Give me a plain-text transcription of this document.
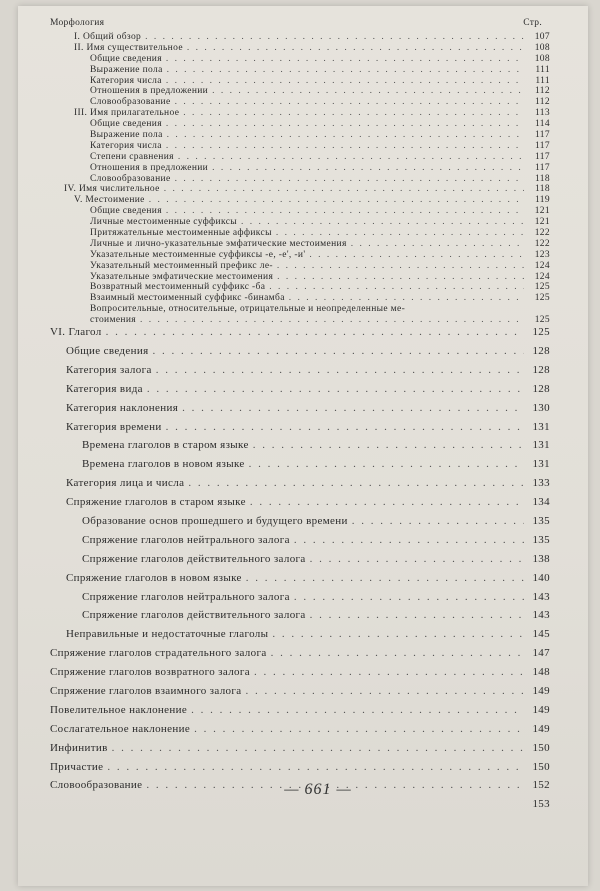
Морфология	Стр.
I. Общий обзор . . .	107
II. Имя существительное . . .	108
Общие сведения . . .	108
Выражение пола . . .	111
Категория числа . . .	111
Отношения в предложении . . .	112
Словообразование . . .	112
III. Имя прилагательное . . .	113
Общие сведения . . .	114
Выражение пола . . .	117
Категория числа . . .	117
Степени сравнения . . .	117
Отношения в предложении . . .	117
Словообразование . . .	118
IV. Имя числительное . . .	118
V. Местоимение . . .	119
Общие сведения . . .	121
Личные местоименные суффиксы . . .	121
Притяжательные местоименные аффиксы . . .	122
Личные и лично-указательные эмфатические местоимения . . .	122
Указательные местоименные суффиксы -е, -е', -и' . . .	123
Указательный местоименный префикс ле- . . .	124
Указательные эмфатические местоимения . . .	124
Возвратный местоименный суффикс -ба . . .	125
Взаимный местоименный суффикс -бинамба . . .	125
Вопросительные, относительные, отрицательные и неопределенные ме-
стоимения . . .	125
VI. Глагол . . .	125
Общие сведения . . .	128
Категория залога . . .	128
Категория вида . . .	128
Категория наклонения . . .	130
Категория времени . . .	131
Времена глаголов в старом языке . . .	131
Времена глаголов в новом языке . . .	131
Категория лица и числа . . .	133
Спряжение глаголов в старом языке . . .	134
Образование основ прошедшего и будущего времени . . .	135
Спряжение глаголов нейтрального залога . . .	135
Спряжение глаголов действительного залога . . .	138
Спряжение глаголов в новом языке . . .	140
Спряжение глаголов нейтрального залога . . .	143
Спряжение глаголов действительного залога . . .	143
Неправильные и недостаточные глаголы . . .	145
Спряжение глаголов страдательного залога . . .	147
Спряжение глаголов возвратного залога . . .	148
Спряжение глаголов взаимного залога . . .	149
Повелительное наклонение . . .	149
Сослагательное наклонение . . .	149
Инфинитив . . .	150
Причастие . . .	150
Словообразование . . .	152
153
— 661 —
